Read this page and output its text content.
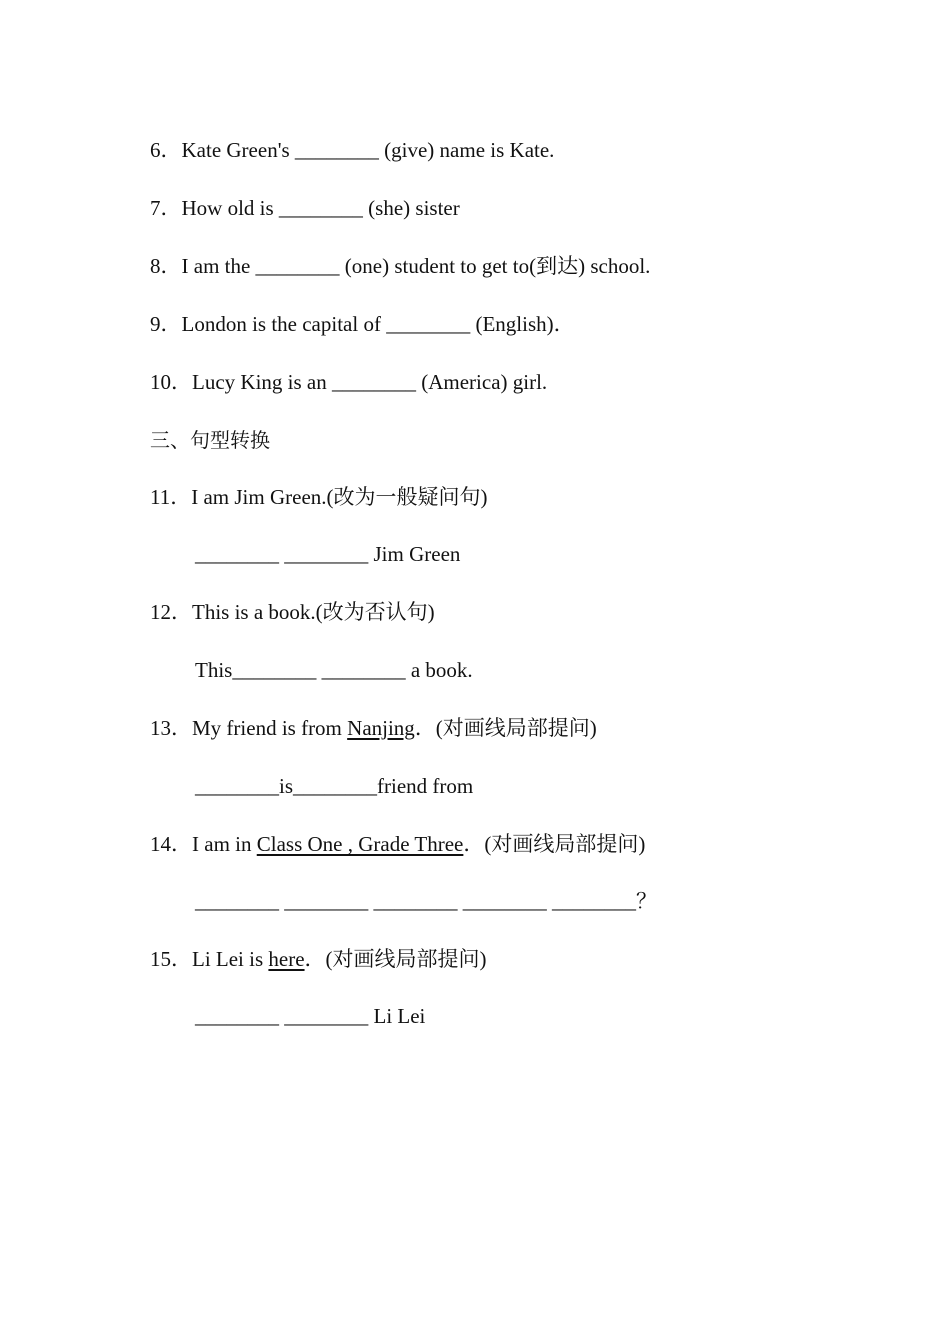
6．Kate Green's ________ (give) name is Kate.
7．How old is ________ (she) sister
8．I am the ________ (one) student to get to(到达) school.
9．London is the capital of ________ (English)．
10．Lucy King is an ________ (America) girl.
三、句型转换
11．I am Jim Green.(改为一般疑问句)
________ ________ Jim Green
12．This is a book.(改为否认句)
This________ ________ a book.
13．My friend is from Nanjing．(对画线局部提问)
________is________friend from
14．I am in Class One , Grade Three．(对画线局部提问)
________ ________ ________ ________ ________？
15．Li Lei is here．(对画线局部提问)
________ ________ Li Lei
